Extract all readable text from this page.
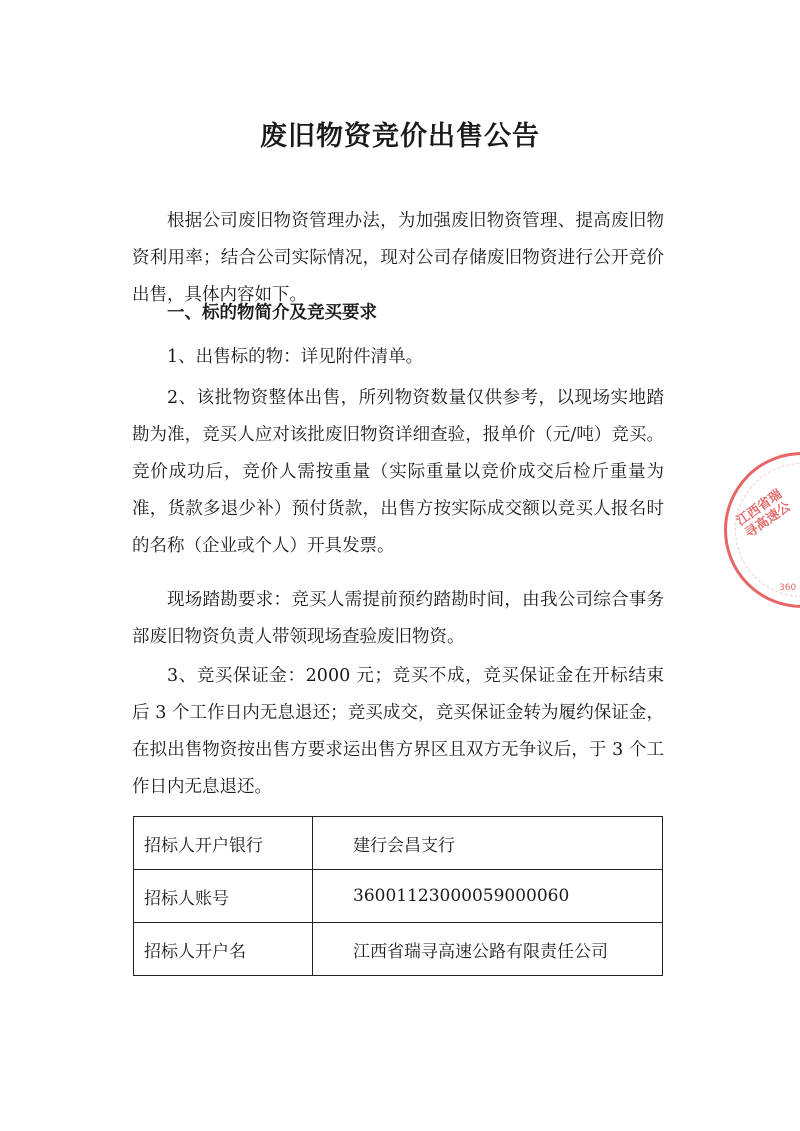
废旧物资竞价出售公告

根据公司废旧物资管理办法，为加强废旧物资管理、提高废旧物资利用率；结合公司实际情况，现对公司存储废旧物资进行公开竞价出售，具体内容如下。

一、标的物简介及竞买要求

1、出售标的物：详见附件清单。

2、该批物资整体出售，所列物资数量仅供参考，以现场实地踏勘为准，竞买人应对该批废旧物资详细查验，报单价（元/吨）竞买。竞价成功后，竞价人需按重量（实际重量以竞价成交后检斤重量为准，货款多退少补）预付货款，出售方按实际成交额以竞买人报名时的名称（企业或个人）开具发票。

现场踏勘要求：竞买人需提前预约踏勘时间，由我公司综合事务部废旧物资负责人带领现场查验废旧物资。

3、竞买保证金：2000 元；竞买不成，竞买保证金在开标结束后 3 个工作日内无息退还；竞买成交，竞买保证金转为履约保证金，在拟出售物资按出售方要求运出售方界区且双方无争议后，于 3 个工作日内无息退还。

招标人开户银行	建行会昌支行
招标人账号	36001123000059000060
招标人开户名	江西省瑞寻高速公路有限责任公司
江西省瑞寻高速公
360
